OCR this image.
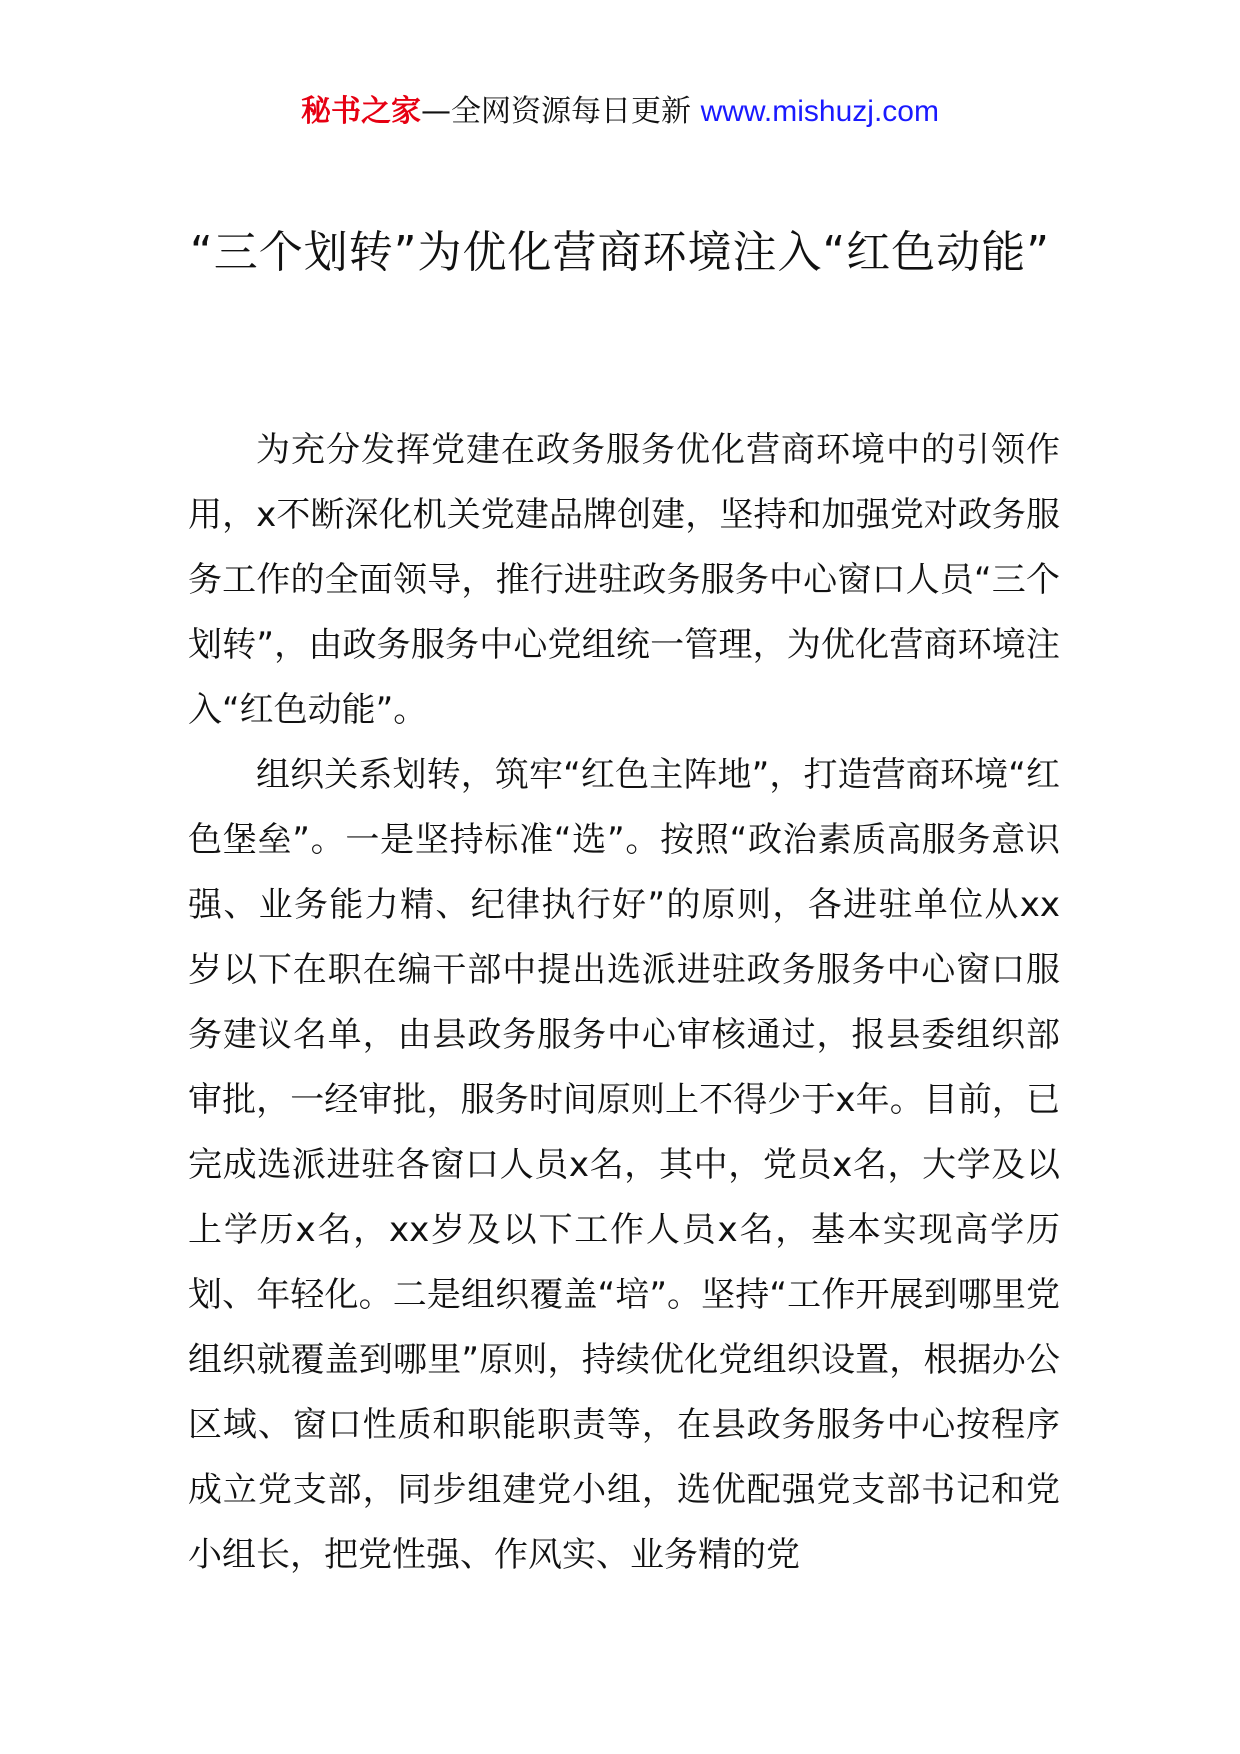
秘书之家—全网资源每日更新 www.mishuzj.com
“三个划转”为优化营商环境注入“红色动能”

为充分发挥党建在政务服务优化营商环境中的引领作用，x不断深化机关党建品牌创建，坚持和加强党对政务服务工作的全面领导，推行进驻政务服务中心窗口人员“三个划转”，由政务服务中心党组统一管理，为优化营商环境注入“红色动能”。

组织关系划转，筑牢“红色主阵地”，打造营商环境“红色堡垒”。一是坚持标准“选”。按照“政治素质高服务意识强、业务能力精、纪律执行好”的原则，各进驻单位从xx岁以下在职在编干部中提出选派进驻政务服务中心窗口服务建议名单，由县政务服务中心审核通过，报县委组织部审批，一经审批，服务时间原则上不得少于x年。目前，已完成选派进驻各窗口人员x名，其中，党员x名，大学及以上学历x名，xx岁及以下工作人员x名，基本实现高学历划、年轻化。二是组织覆盖“培”。坚持“工作开展到哪里党组织就覆盖到哪里”原则，持续优化党组织设置，根据办公区域、窗口性质和职能职责等，在县政务服务中心按程序成立党支部，同步组建党小组，选优配强党支部书记和党小组长，把党性强、作风实、业务精的党
